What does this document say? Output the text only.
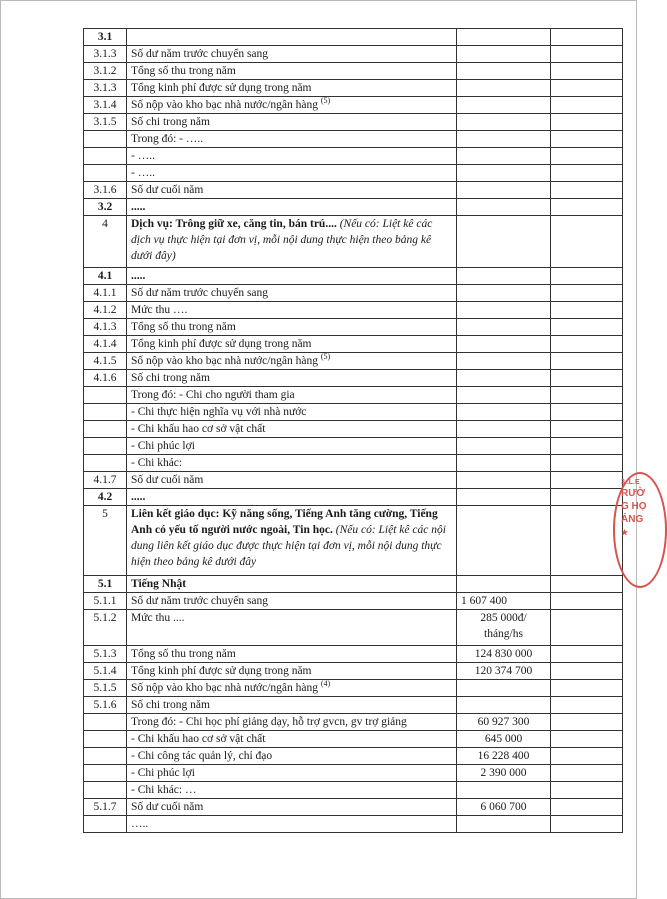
3.1			
3.1.3	Số dư năm trước chuyển sang		
3.1.2	Tổng số thu trong năm		
3.1.3	Tổng kinh phí được sử dụng trong năm		
3.1.4	Số nộp vào kho bạc nhà nước/ngân hàng $^{(5)}$		
3.1.5	Số chi trong năm		
	Trong đó: - …..		
	- …..		
	- …..		
3.1.6	Số dư cuối năm		
3.2	.....		
4	Dịch vụ: Trông giữ xe, căng tin, bán trú.... (Nếu có: Liệt kê các dịch vụ thực hiện tại đơn vị, mỗi nội dung thực hiện theo bảng kê dưới đây)		
4.1	.....		
4.1.1	Số dư năm trước chuyển sang		
4.1.2	Mức thu ….		
4.1.3	Tổng số thu trong năm		
4.1.4	Tổng kinh phí được sử dụng trong năm		
4.1.5	Số nộp vào kho bạc nhà nước/ngân hàng $^{(5)}$		
4.1.6	Số chi trong năm		
	Trong đó: - Chi cho người tham gia		
	- Chi thực hiện nghĩa vụ với nhà nước		
	- Chi khấu hao cơ sở vật chất		
	- Chi phúc lợi		
	- Chi khác:		
4.1.7	Số dư cuối năm		
4.2	.....		
5	Liên kết giáo dục: Kỹ năng sống, Tiếng Anh tăng cường, Tiếng Anh có yếu tố người nước ngoài, Tin học. (Nếu có: Liệt kê các nội dung liên kết giáo dục được thực hiện tại đơn vị, mỗi nội dung thực hiện theo bảng kê dưới đây		
5.1	Tiếng Nhật		
5.1.1	Số dư năm trước chuyển sang	1 607 400	
5.1.2	Mức thu ....	285 000đ/ tháng/hs	
5.1.3	Tổng số thu trong năm	124 830 000	
5.1.4	Tổng kinh phí được sử dụng trong năm	120 374 700	
5.1.5	Số nộp vào kho bạc nhà nước/ngân hàng $^{(4)}$		
5.1.6	Số chi trong năm		
	Trong đó: - Chi học phí giảng dạy, hỗ trợ gvcn, gv trợ giảng	60 927 300	
	- Chi khấu hao cơ sở vật chất	645 000	
	- Chi công tác quản lý, chỉ đạo	16 228 400	
	- Chi phúc lợi	2 390 000	
	- Chi khác: …		
5.1.7	Số dư cuối năm	6 060 700	
	…..		
3..L.E
RƯỜ
G HỌ
ÁNG
★
